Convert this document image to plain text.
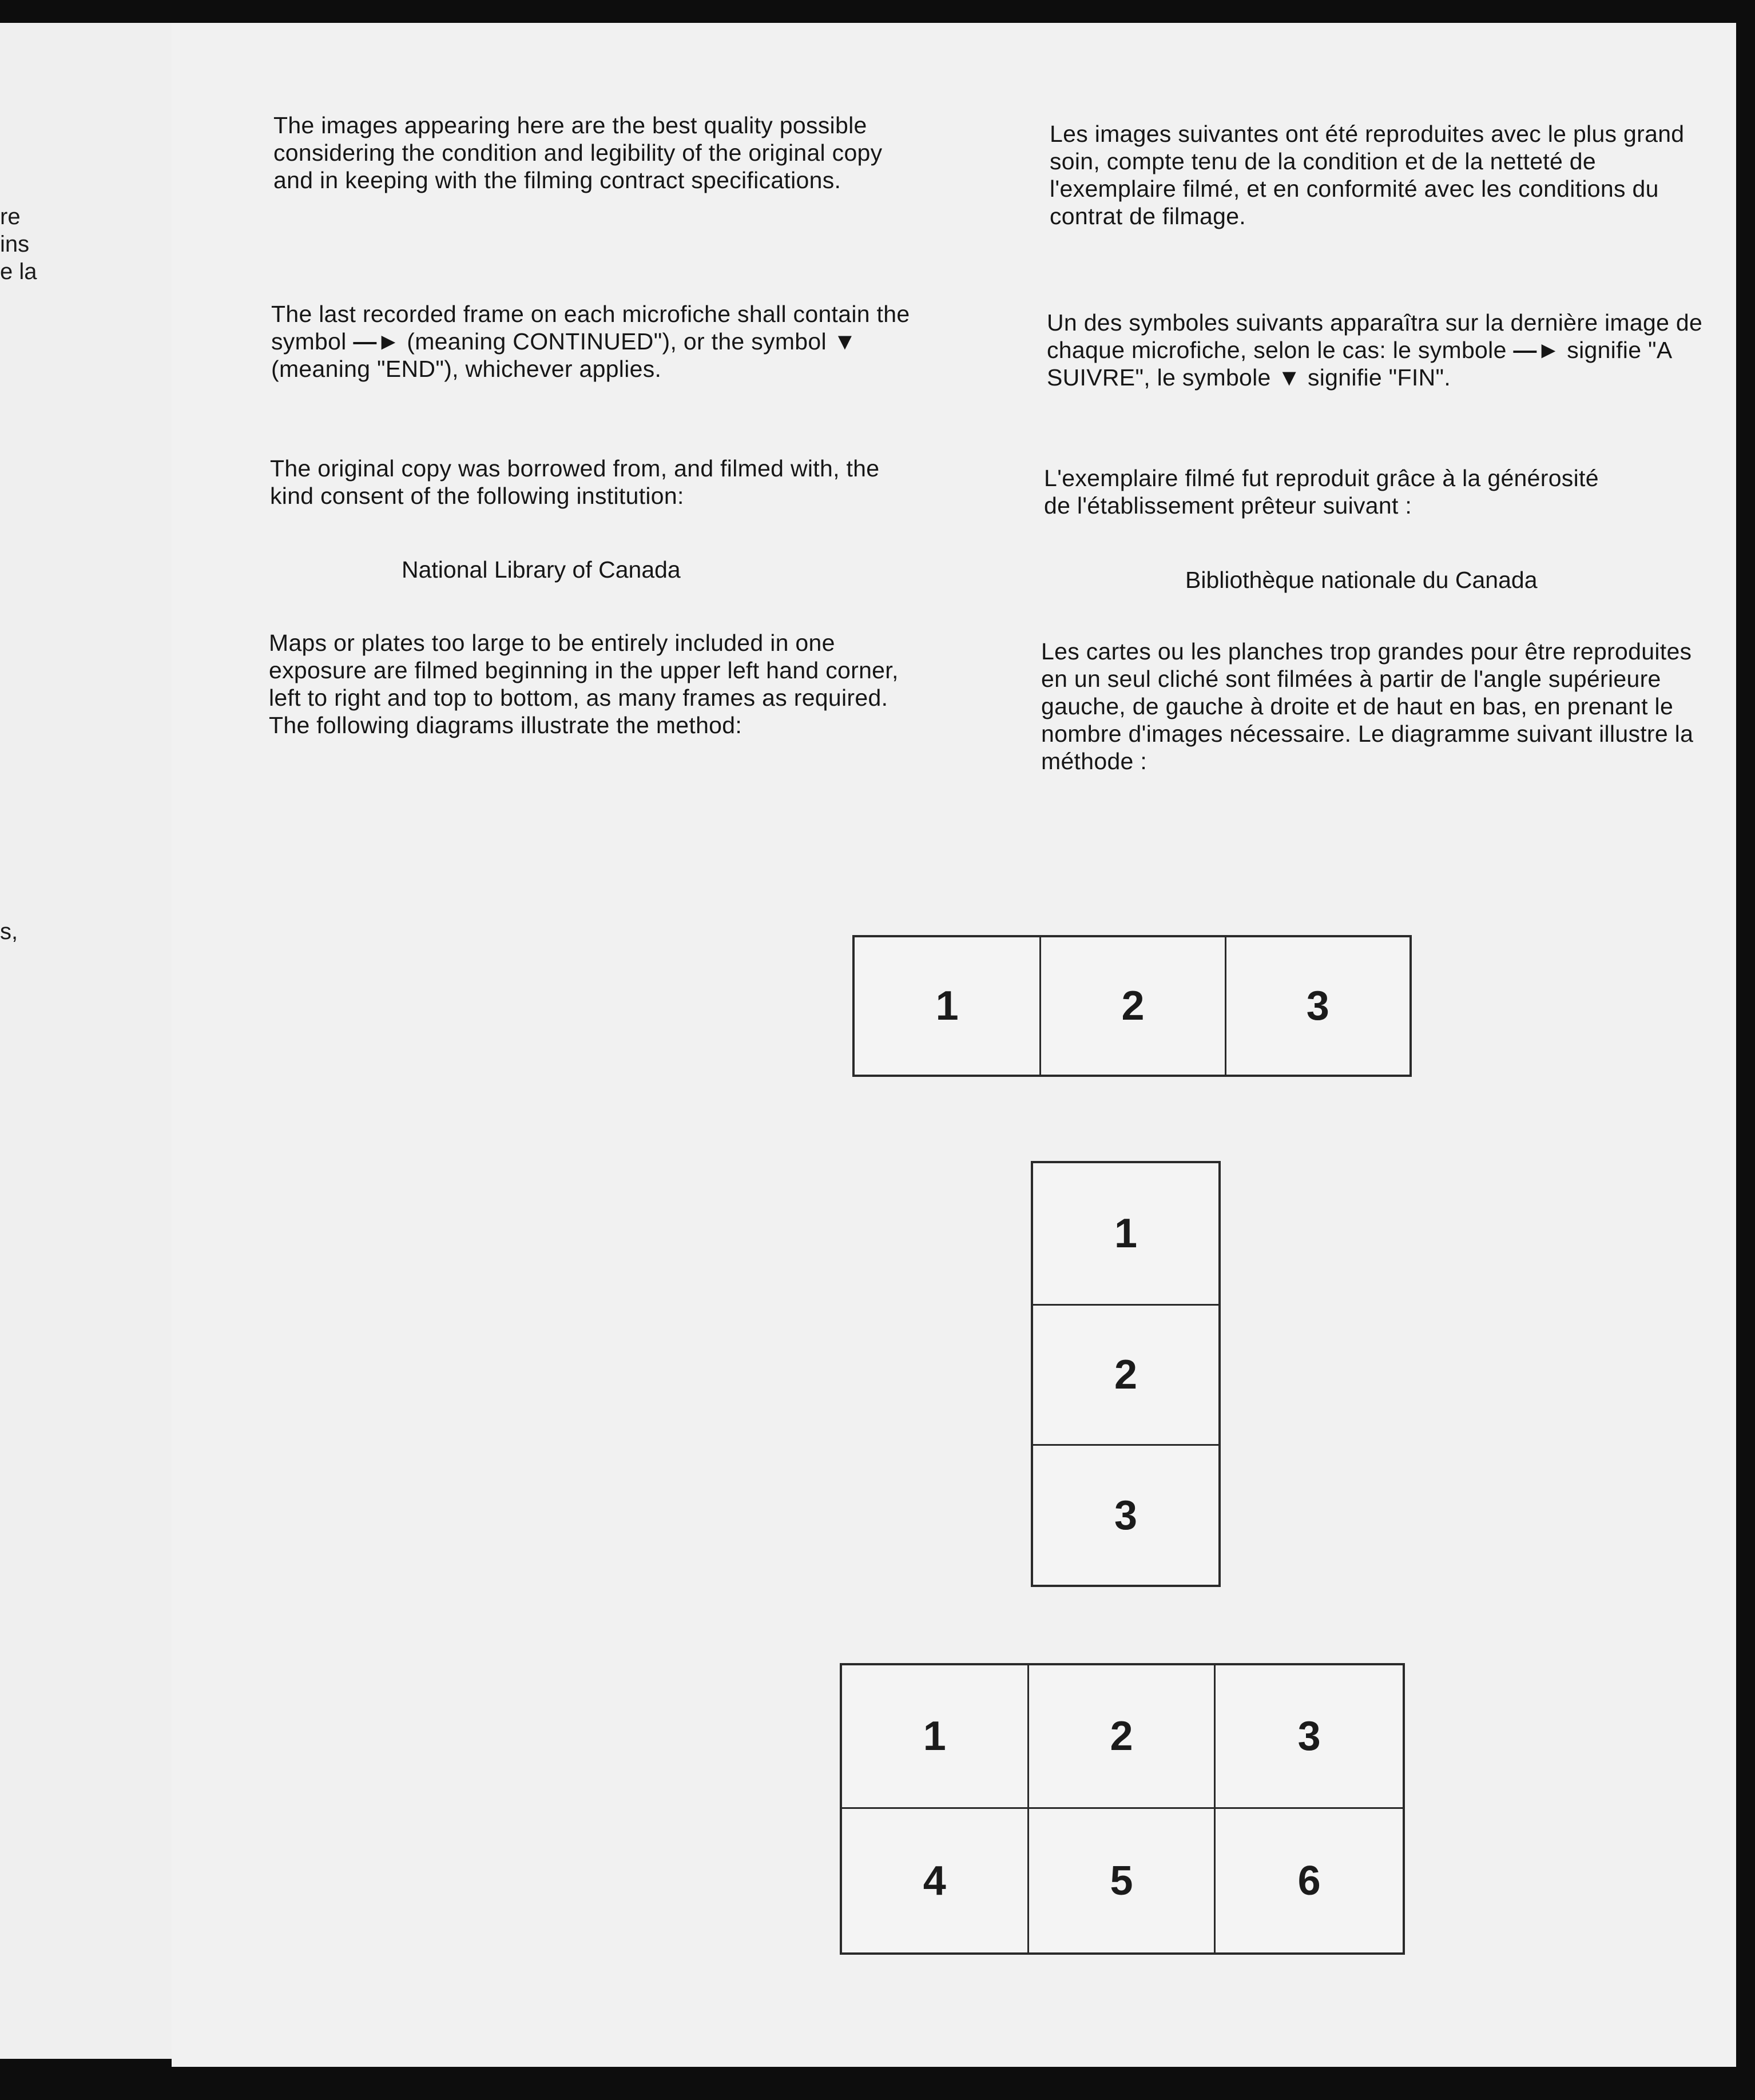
re

ins

e la

s,

The images appearing here are the best quality possible considering the condition and legibility of the original copy and in keeping with the filming contract specifications.

The last recorded frame on each microfiche shall contain the symbol —► (meaning CONTINUED"), or the symbol ▼ (meaning "END"), whichever applies.

The original copy was borrowed from, and filmed with, the kind consent of the following institution:

National Library of Canada

Maps or plates too large to be entirely included in one exposure are filmed beginning in the upper left hand corner, left to right and top to bottom, as many frames as required. The following diagrams illustrate the method:

Les images suivantes ont été reproduites avec le plus grand soin, compte tenu de la condition et de la netteté de l'exemplaire filmé, et en conformité avec les conditions du contrat de filmage.

Un des symboles suivants apparaîtra sur la dernière image de chaque microfiche, selon le cas: le symbole —► signifie "A SUIVRE", le symbole ▼ signifie "FIN".

L'exemplaire filmé fut reproduit grâce à la générosité de l'établissement prêteur suivant :

Bibliothèque nationale du Canada

Les cartes ou les planches trop grandes pour être reproduites en un seul cliché sont filmées à partir de l'angle supérieure gauche, de gauche à droite et de haut en bas, en prenant le nombre d'images nécessaire. Le diagramme suivant illustre la méthode :

1	2	3
1
2
3
1	2	3
4	5	6
